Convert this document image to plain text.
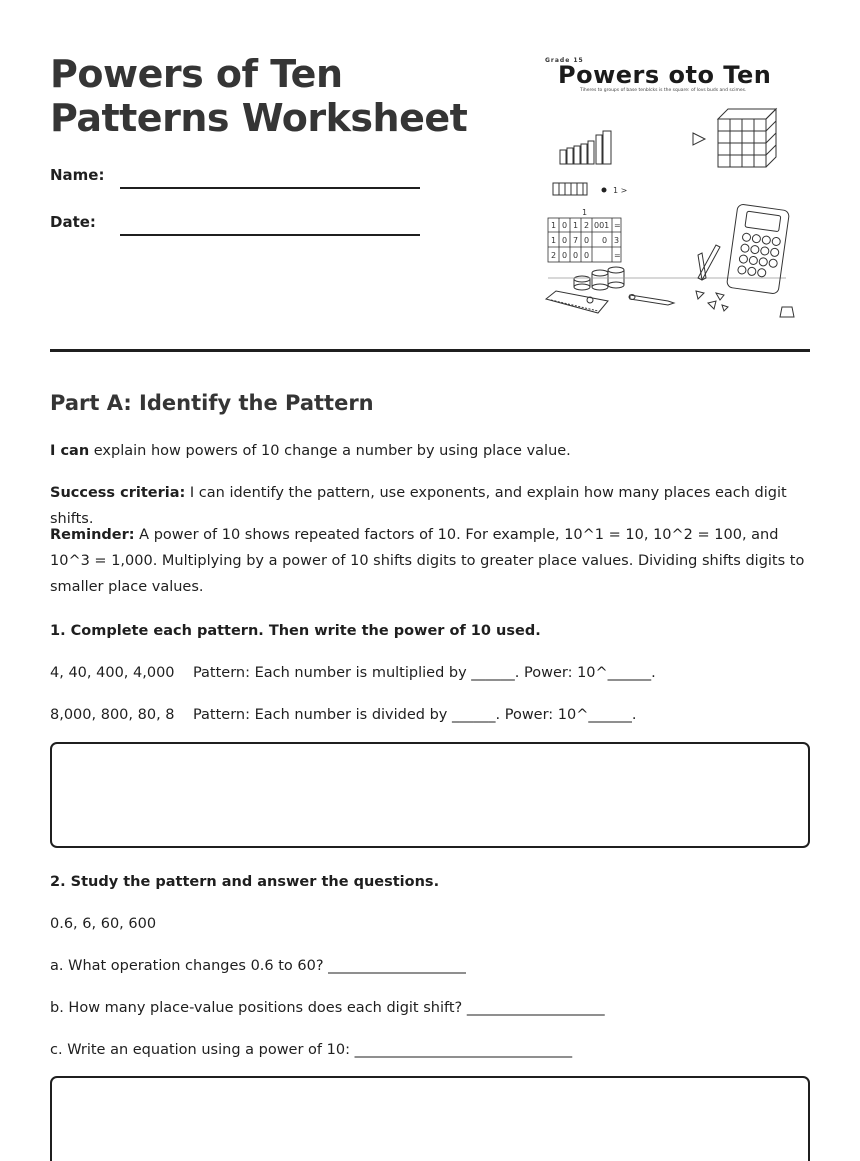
Powers of Ten Patterns Worksheet
Name:
Date:
Grade 15
Powers oto Ten
Tiheres to groups of base tenblcks is the square: of lovs buds and scimes.
1
1 0 1 2 001 =
1 0 7 0 0 3
2 0 0 0	=
1 >
Part A: Identify the Pattern

I can explain how powers of 10 change a number by using place value.

Success criteria: I can identify the pattern, use exponents, and explain how many places each digit shifts.

Reminder: A power of 10 shows repeated factors of 10. For example, 10^1 = 10, 10^2 = 100, and 10^3 = 1,000. Multiplying by a power of 10 shifts digits to greater place values. Dividing shifts digits to smaller place values.

1. Complete each pattern. Then write the power of 10 used.

4, 40, 400, 4,000    Pattern: Each number is multiplied by ______. Power: 10^______.

8,000, 800, 80, 8    Pattern: Each number is divided by ______. Power: 10^______.

2. Study the pattern and answer the questions.

0.6, 6, 60, 600

a. What operation changes 0.6 to 60? ___________________

b. How many place-value positions does each digit shift? ___________________

c. Write an equation using a power of 10: ______________________________
